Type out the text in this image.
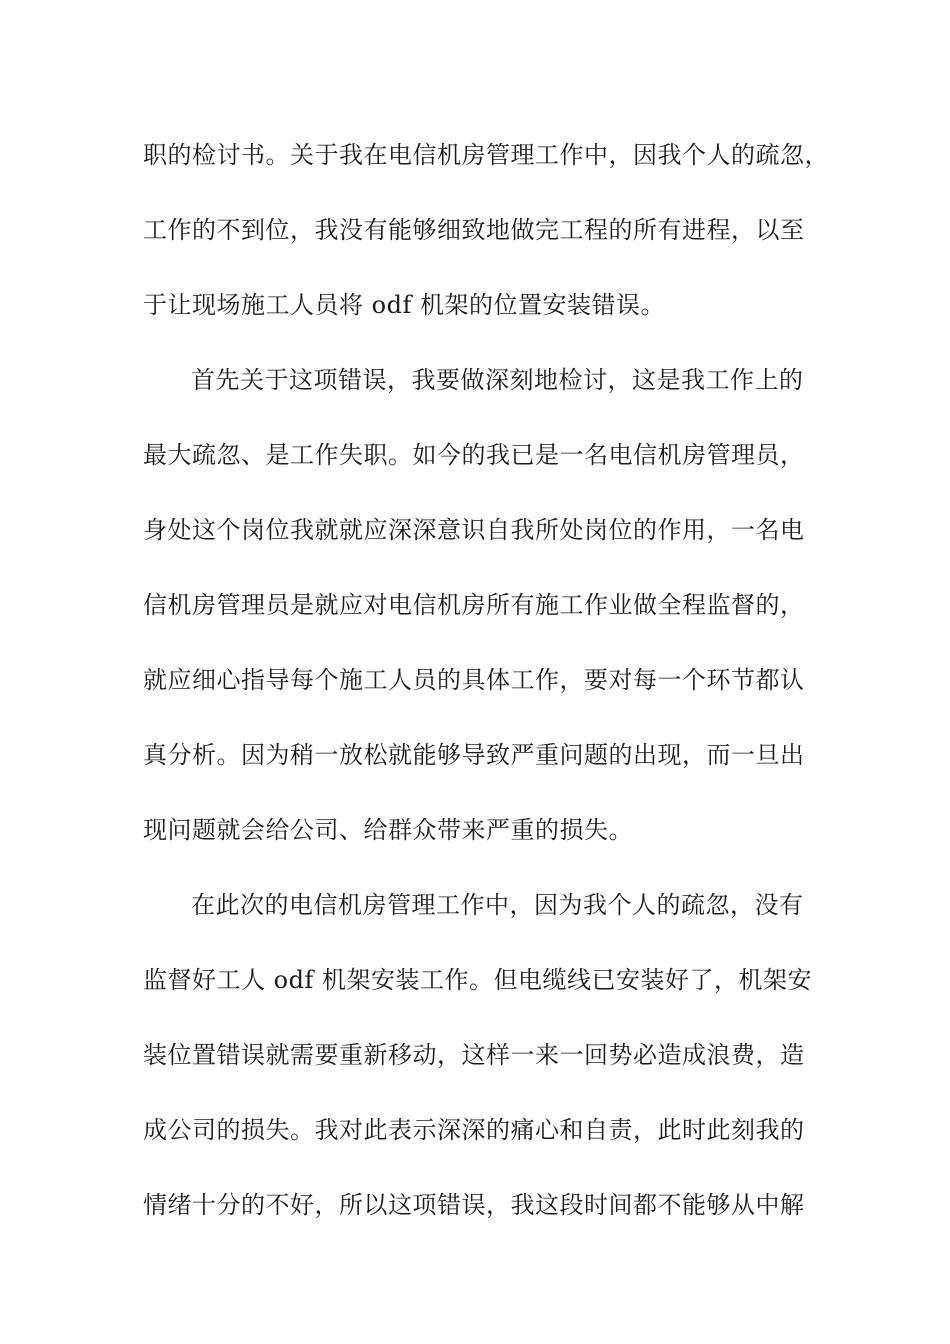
职的检讨书。关于我在电信机房管理工作中，因我个人的疏忽，
工作的不到位，我没有能够细致地做完工程的所有进程，以至
于让现场施工人员将 odf 机架的位置安装错误。
首先关于这项错误，我要做深刻地检讨，这是我工作上的
最大疏忽、是工作失职。如今的我已是一名电信机房管理员，
身处这个岗位我就就应深深意识自我所处岗位的作用，一名电
信机房管理员是就应对电信机房所有施工作业做全程监督的，
就应细心指导每个施工人员的具体工作，要对每一个环节都认
真分析。因为稍一放松就能够导致严重问题的出现，而一旦出
现问题就会给公司、给群众带来严重的损失。
在此次的电信机房管理工作中，因为我个人的疏忽，没有
监督好工人 odf 机架安装工作。但电缆线已安装好了，机架安
装位置错误就需要重新移动，这样一来一回势必造成浪费，造
成公司的损失。我对此表示深深的痛心和自责，此时此刻我的
情绪十分的不好，所以这项错误，我这段时间都不能够从中解
